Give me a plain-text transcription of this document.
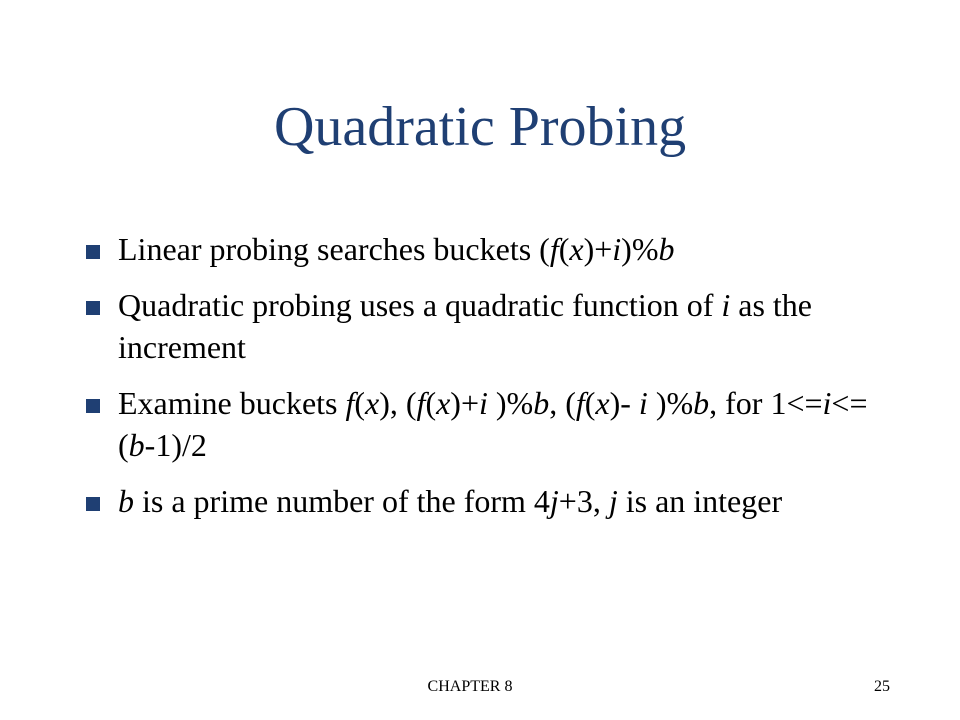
Quadratic Probing
Linear probing searches buckets (f(x)+i)%b
Quadratic probing uses a quadratic function of i as the increment
Examine buckets f(x), (f(x)+i )%b, (f(x)- i )%b, for 1<=i<=(b-1)/2
b is a prime number of the form 4j+3, j is an integer
CHAPTER 8	25
